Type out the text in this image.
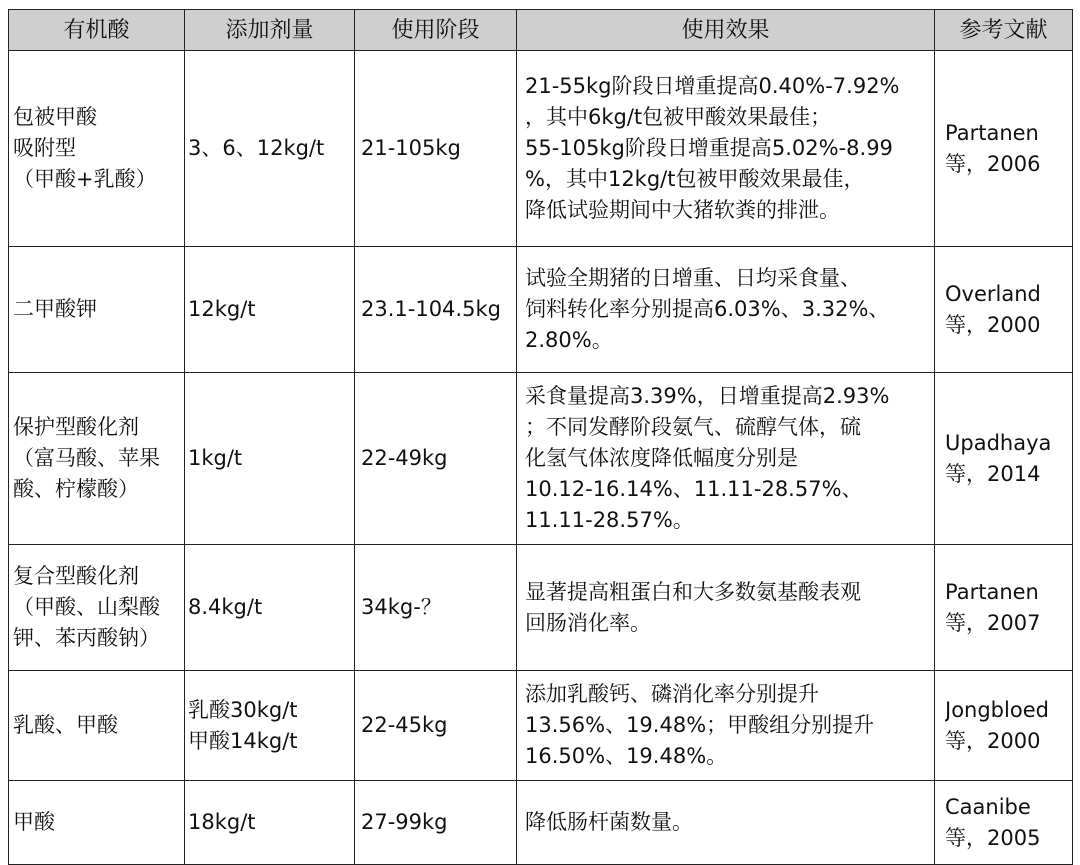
有机酸	添加剂量	使用阶段	使用效果	参考文献

包被甲酸
吸附型
（甲酸+乳酸）	3、6、12kg/t	21-105kg	21-55kg阶段日增重提高0.40%-7.92%
，其中6kg/t包被甲酸效果最佳；
55-105kg阶段日增重提高5.02%-8.99
%，其中12kg/t包被甲酸效果最佳，
降低试验期间中大猪软粪的排泄。	Partanen
等，2006

二甲酸钾	12kg/t	23.1-104.5kg	试验全期猪的日增重、日均采食量、
饲料转化率分别提高6.03%、3.32%、
2.80%。	Overland
等，2000

保护型酸化剂
（富马酸、苹果
酸、柠檬酸）	1kg/t	22-49kg	采食量提高3.39%，日增重提高2.93%
；不同发酵阶段氨气、硫醇气体，硫
化氢气体浓度降低幅度分别是
10.12-16.14%、11.11-28.57%、
11.11-28.57%。	Upadhaya
等，2014

复合型酸化剂
（甲酸、山梨酸
钾、苯丙酸钠）	8.4kg/t	34kg-？	显著提高粗蛋白和大多数氨基酸表观
回肠消化率。	Partanen
等，2007

乳酸、甲酸	乳酸30kg/t
甲酸14kg/t	22-45kg	添加乳酸钙、磷消化率分别提升
13.56%、19.48%；甲酸组分别提升
16.50%、19.48%。	Jongbloed
等，2000

甲酸	18kg/t	27-99kg	降低肠杆菌数量。	Caanibe
等，2005
